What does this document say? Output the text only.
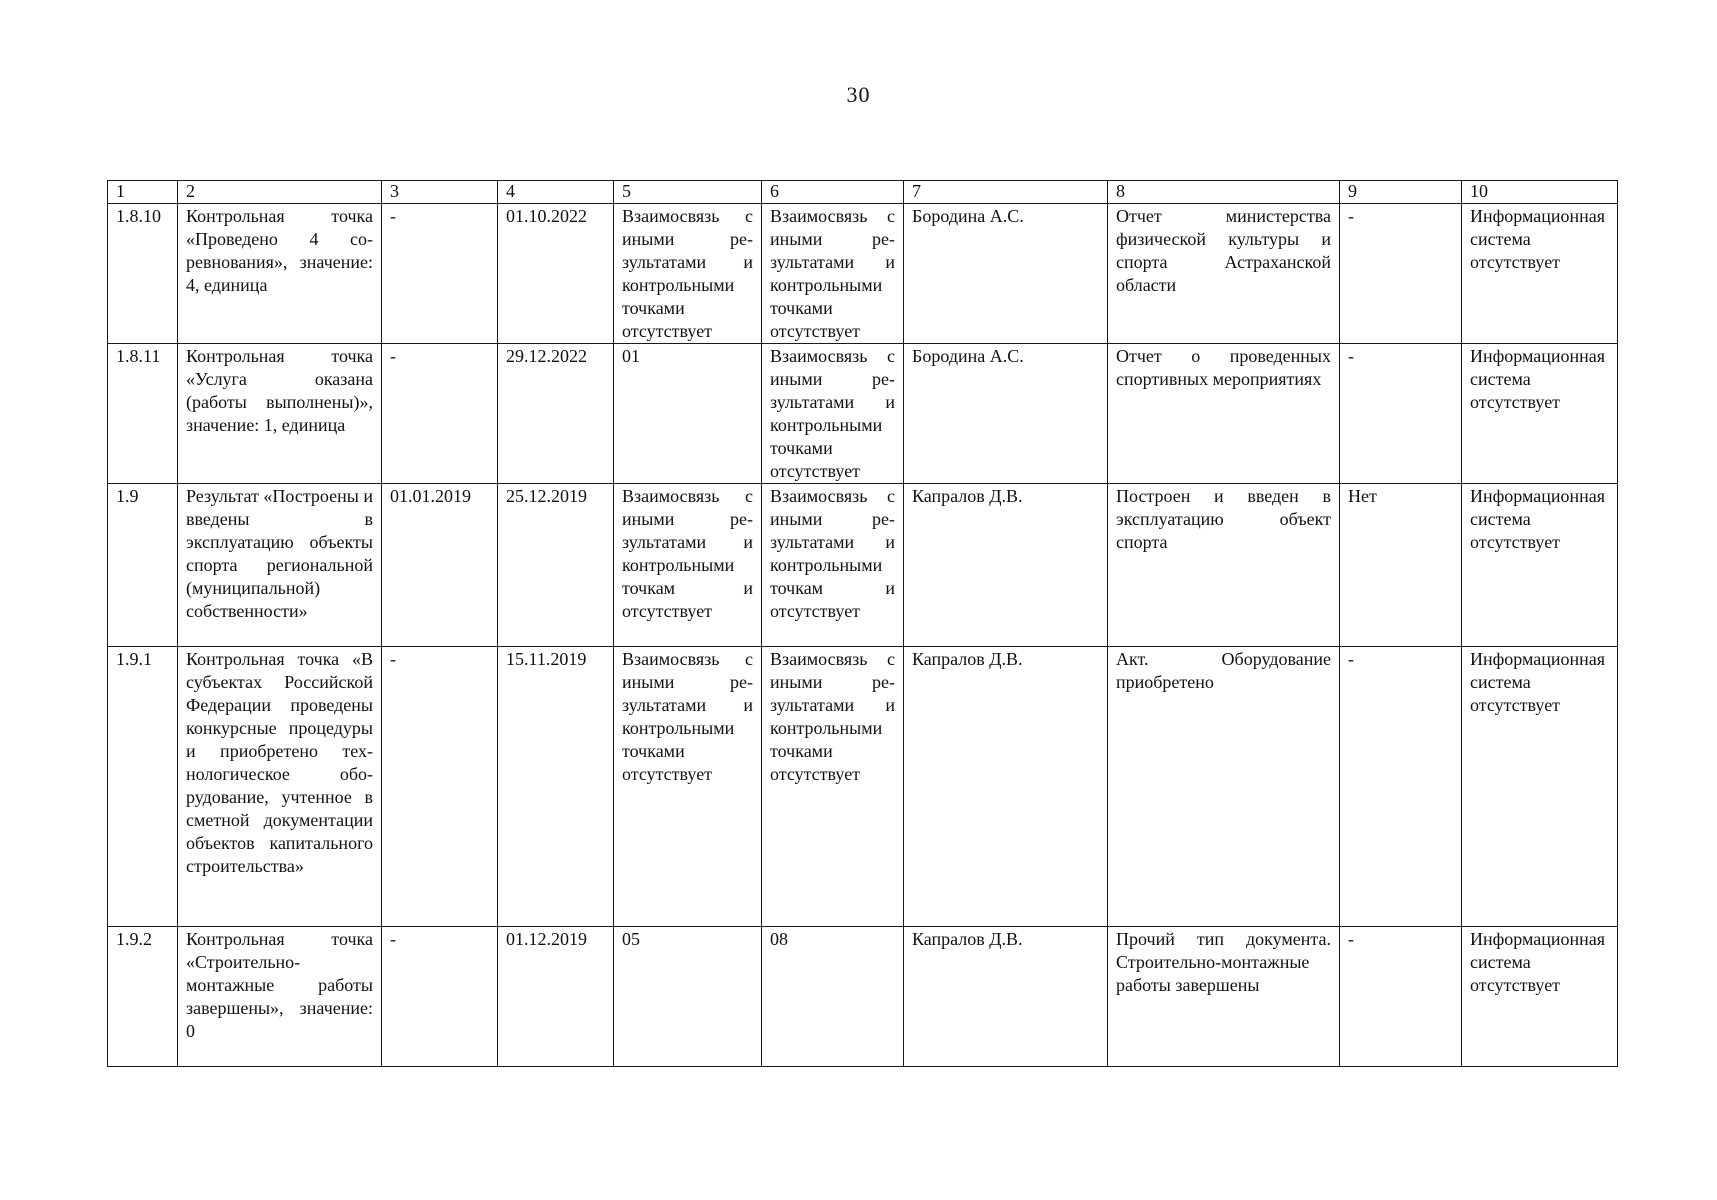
30
1	2	3	4	5	6	7	8	9	10
1.8.10	Контрольная точка «Проведено 4 соревнования», значение: 4, единица	-	01.10.2022	Взаимосвязь с иными результатами и контрольными точками отсутствует	Взаимосвязь с иными результатами и контрольными точками отсутствует	Бородина А.С.	Отчет министерства физической культуры и спорта Астраханской области	-	Информационная система отсутствует
1.8.11	Контрольная точка «Услуга оказана (работы выполнены)», значение: 1, единица	-	29.12.2022	01	Взаимосвязь с иными результатами и контрольными точками отсутствует	Бородина А.С.	Отчет о проведенных спортивных мероприятиях	-	Информационная система отсутствует
1.9	Результат «Построены и введены в эксплуатацию объекты спорта региональной (муниципальной) собственности»	01.01.2019	25.12.2019	Взаимосвязь с иными результатами и контрольными точкам и отсутствует	Взаимосвязь с иными результатами и контрольными точкам и отсутствует	Капралов Д.В.	Построен и введен в эксплуатацию объект спорта	Нет	Информационная система отсутствует
1.9.1	Контрольная точка «В субъектах Российской Федерации проведены конкурсные процедуры и приобретено технологическое оборудование, учтенное в сметной документации объектов капитального строительства»	-	15.11.2019	Взаимосвязь с иными результатами и контрольными точками отсутствует	Взаимосвязь с иными результатами и контрольными точками отсутствует	Капралов Д.В.	Акт. Оборудование приобретено	-	Информационная система отсутствует
1.9.2	Контрольная точка «Строительно-монтажные работы завершены», значение: 0	-	01.12.2019	05	08	Капралов Д.В.	Прочий тип документа. Строительно-монтажные работы завершены	-	Информационная система отсутствует
